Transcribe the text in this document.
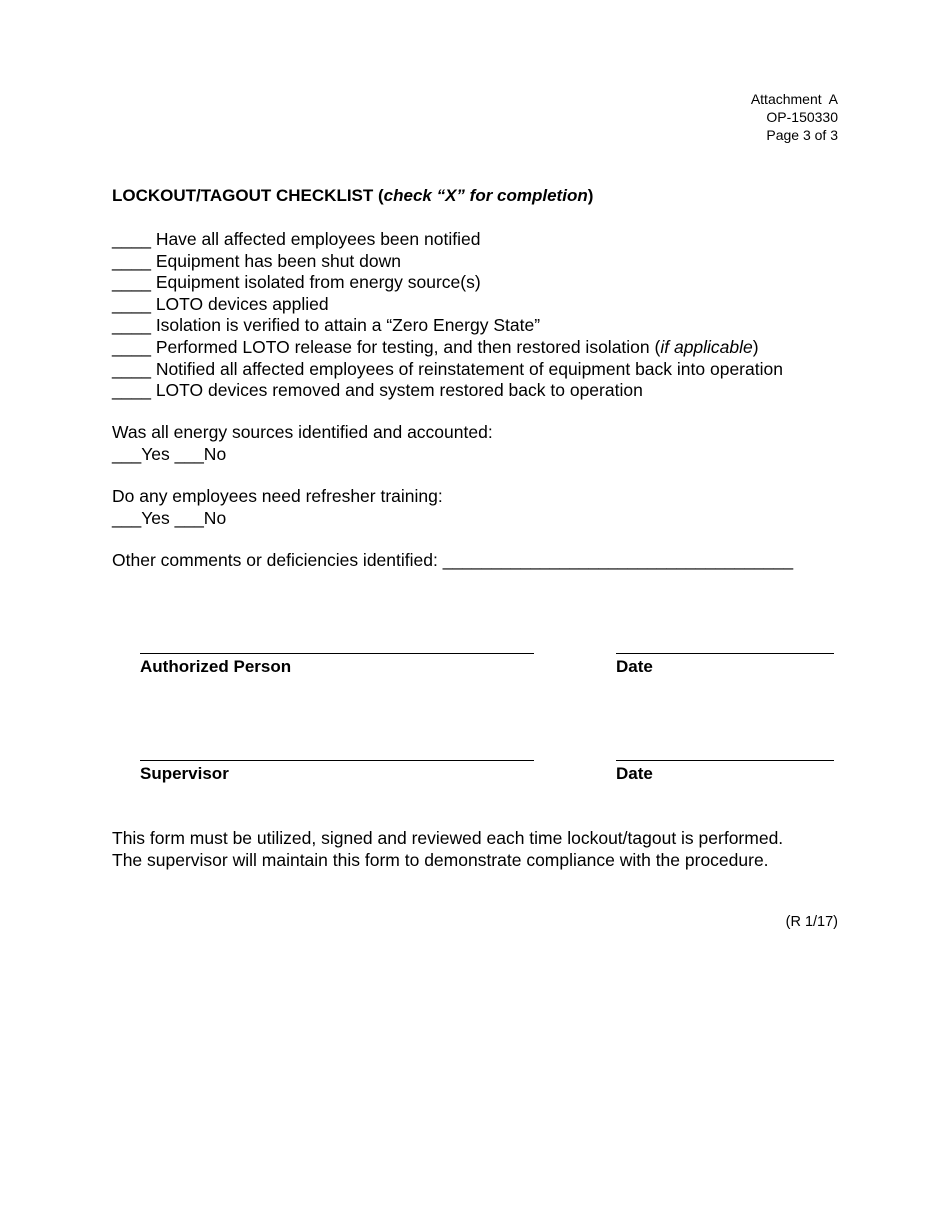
Attachment  A
OP-150330
Page 3 of 3
LOCKOUT/TAGOUT CHECKLIST (check “X” for completion)
____ Have all affected employees been notified
____ Equipment has been shut down
____ Equipment isolated from energy source(s)
____ LOTO devices applied
____ Isolation is verified to attain a “Zero Energy State”
____ Performed LOTO release for testing, and then restored isolation (if applicable)
____ Notified all affected employees of reinstatement of equipment back into operation
____ LOTO devices removed and system restored back to operation
Was all energy sources identified and accounted:
___Yes ___No
Do any employees need refresher training:
___Yes ___No
Other comments or deficiencies identified: ____________________________________
Authorized Person	Date
Supervisor	Date
This form must be utilized, signed and reviewed each time lockout/tagout is performed.
The supervisor will maintain this form to demonstrate compliance with the procedure.
(R 1/17)
